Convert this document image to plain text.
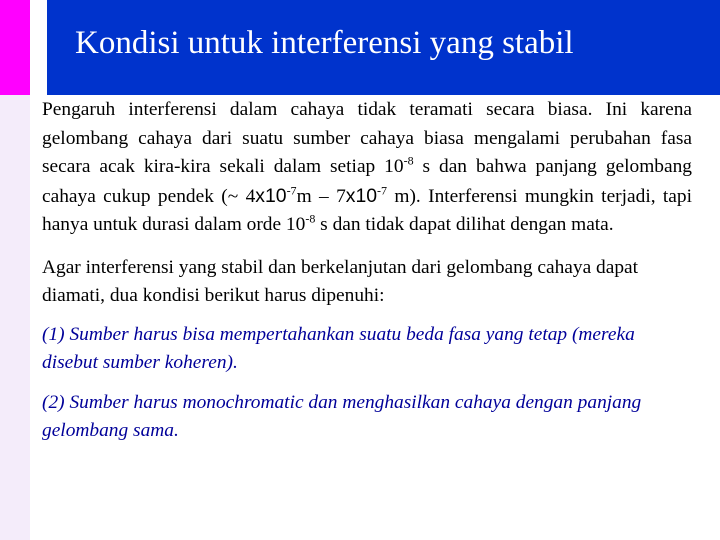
Kondisi untuk interferensi yang stabil

Pengaruh interferensi dalam cahaya tidak teramati secara biasa. Ini karena gelombang cahaya dari suatu sumber cahaya biasa mengalami perubahan fasa secara acak kira-kira sekali dalam setiap $10^{-8}$ s dan bahwa panjang gelombang cahaya cukup pendek (~ $4x10^{-7}m - 7x10^{-7}$ m). Interferensi mungkin terjadi, tapi hanya untuk durasi dalam orde $10^{-8}$ s dan tidak dapat dilihat dengan mata.

Agar interferensi yang stabil dan berkelanjutan dari gelombang cahaya dapat diamati, dua kondisi berikut harus dipenuhi:

(1) Sumber harus bisa mempertahankan suatu beda fasa yang tetap (mereka disebut sumber koheren).

(2) Sumber harus monochromatic dan menghasilkan cahaya dengan panjang gelombang sama.
